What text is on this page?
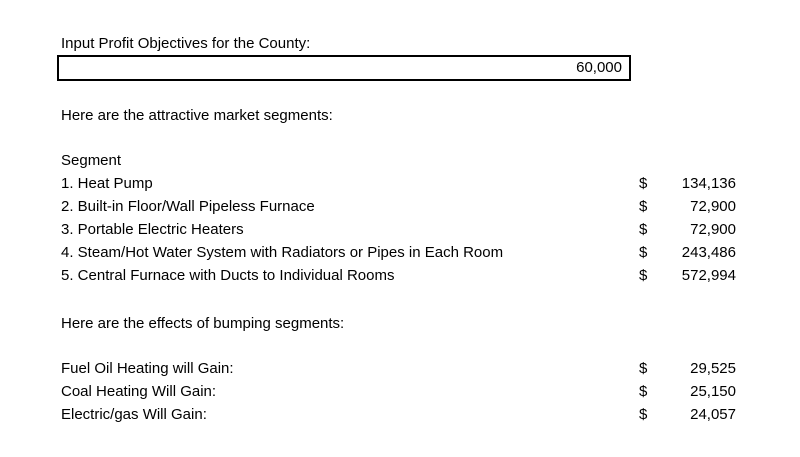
Input Profit Objectives for the County:
60,000
Here are the attractive market segments:
Segment
1. Heat Pump	$ 134,136
2. Built-in Floor/Wall Pipeless Furnace	$	72,900
3. Portable Electric Heaters	$	72,900
4. Steam/Hot Water System with Radiators or Pipes in Each Room	$ 243,486
5. Central Furnace with Ducts to Individual Rooms	$ 572,994
Here are the effects of bumping segments:
Fuel Oil Heating will Gain:	$	29,525
Coal Heating Will Gain:	$	25,150
Electric/gas Will Gain:	$	24,057
